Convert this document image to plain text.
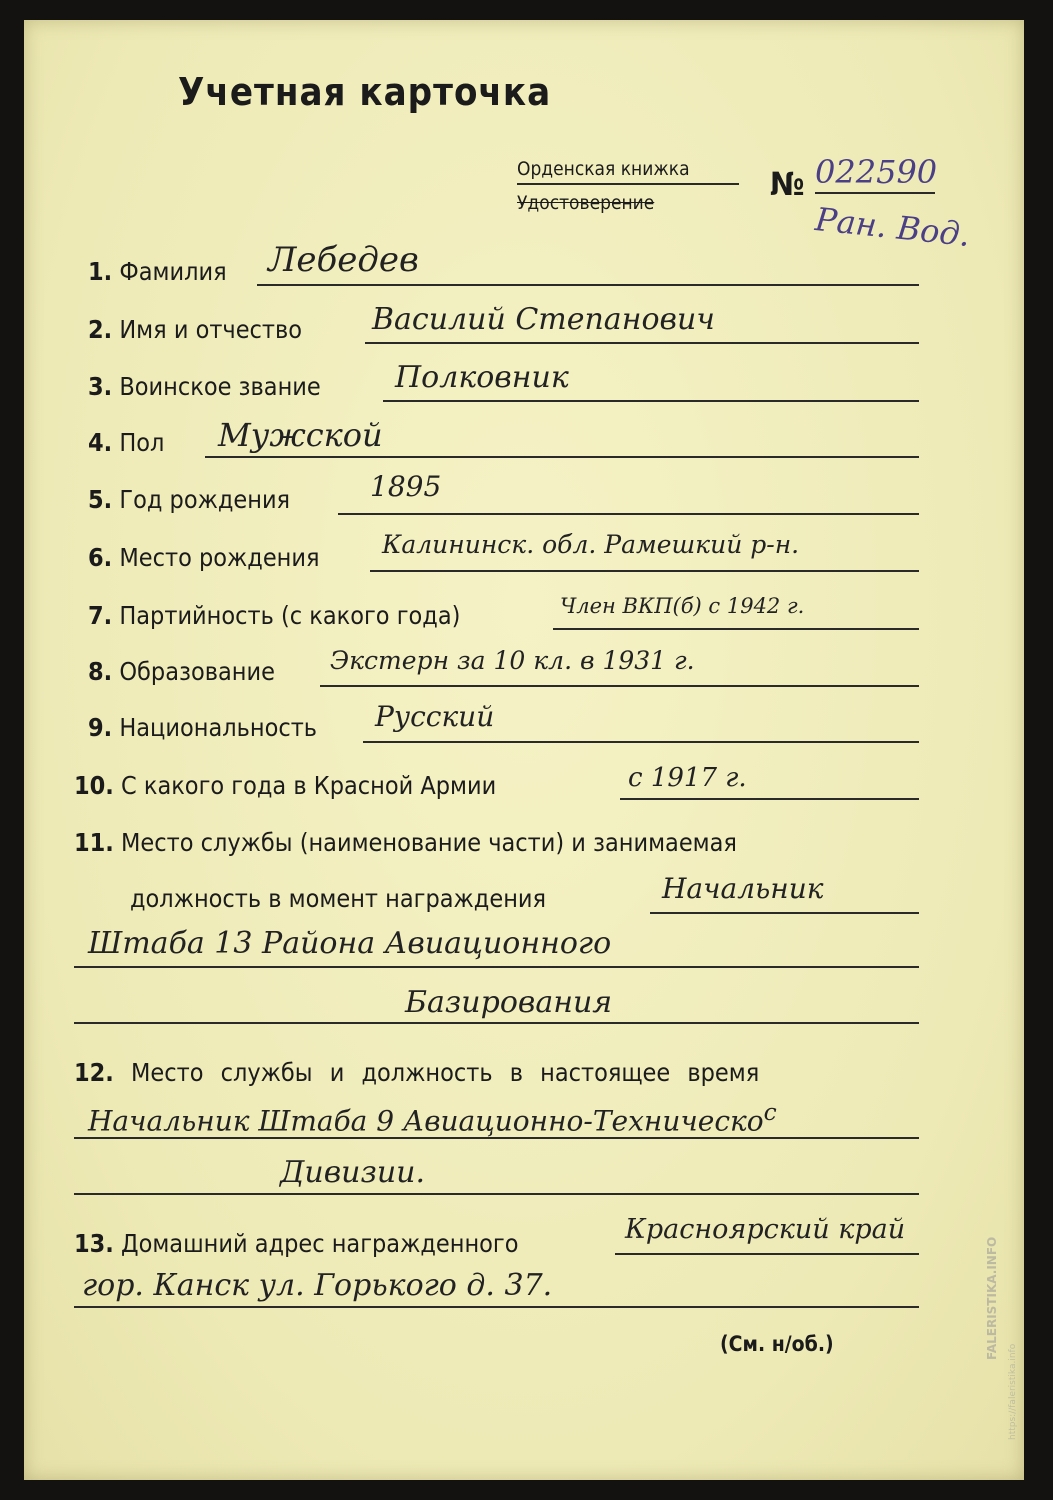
Учетная карточка
Орденская книжка
Удостоверение	№ 022590
Ран. Вод.
1. Фамилия Лебедев
2. Имя и отчество Василий Степанович
3. Воинское звание Полковник
4. Пол Мужской
5. Год рождения	1895
6. Место рождения Калининск. обл. Рамешкий р-н.
7. Партийность (с какого года)	Член ВКП(б) с 1942 г.
8. Образование Экстерн за 10 кл. в 1931 г.
9. Национальность Русский
10. С какого года в Красной Армии	с 1917 г.
11. Место службы (наименование части) и занимаемая
должность в момент награждения	Начальник
Штаба 13 Района Авиационного
Базирования
12. Место службы и должность в настоящее время
Начальник Штаба 9 Авиационно-Техническо$^с$
Дивизии.
13. Домашний адрес награжденного	Красноярский край
гор. Канск ул. Горького д. 37.
(См. н/об.)	FALERISTIKA.INFO
https://faleristika.info
